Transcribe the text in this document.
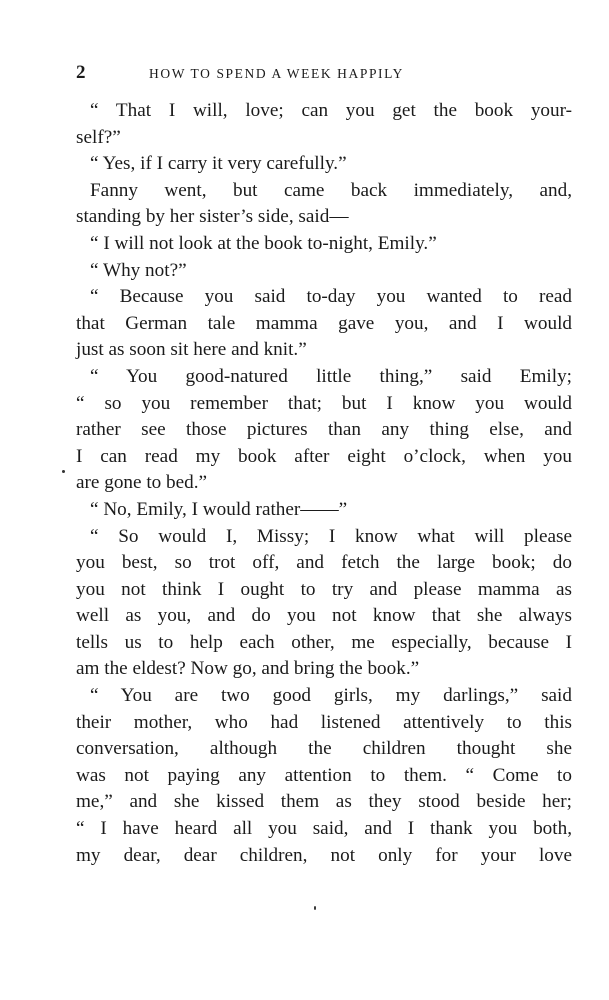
2	HOW TO SPEND A WEEK HAPPILY
“ That I will, love; can you get the book your-
self?”
“ Yes, if I carry it very carefully.”
Fanny went, but came back immediately, and,
standing by her sister’s side, said—
“ I will not look at the book to-night, Emily.”
“ Why not?”
“ Because you said to-day you wanted to read
that German tale mamma gave you, and I would
just as soon sit here and knit.”
“ You good-natured little thing,” said Emily;
“ so you remember that; but I know you would
rather see those pictures than any thing else, and
I can read my book after eight o’clock, when you
are gone to bed.”
“ No, Emily, I would rather——”
“ So would I, Missy; I know what will please
you best, so trot off, and fetch the large book; do
you not think I ought to try and please mamma as
well as you, and do you not know that she always
tells us to help each other, me especially, because I
am the eldest? Now go, and bring the book.”
“ You are two good girls, my darlings,” said
their mother, who had listened attentively to this
conversation, although the children thought she
was not paying any attention to them. “ Come to
me,” and she kissed them as they stood beside her;
“ I have heard all you said, and I thank you both,
my dear, dear children, not only for your love
